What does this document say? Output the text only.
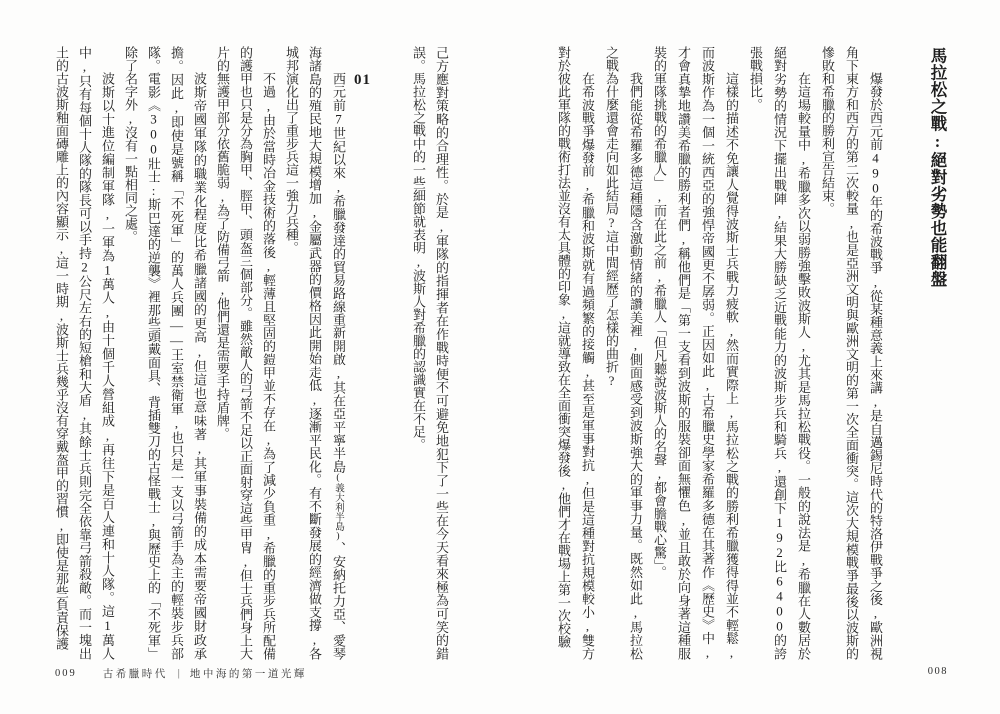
馬拉松之戰:絕對劣勢也能翻盤

爆發於西元前490年的希波戰爭,從某種意義上來講,是自邁錫尼時代的特洛伊戰爭之後,歐洲視角下東方和西方的第二次較量,也是亞洲文明與歐洲文明的第一次全面衝突。這次大規模戰爭最後以波斯的慘敗和希臘的勝利宣告結束。

在這場較量中,希臘多次以弱勝強擊敗波斯人,尤其是馬拉松戰役。一般的說法是,希臘在人數居於絕對劣勢的情況下擺出戰陣,結果大勝缺乏近戰能力的波斯步兵和騎兵,還創下192比6400的誇張戰損比。

這樣的描述不免讓人覺得波斯士兵戰力疲軟,然而實際上,馬拉松之戰的勝利希臘獲得得並不輕鬆,而波斯作為一個一統西亞的強悍帝國更不孱弱。正因如此,古希臘史學家希羅多德在其著作《歷史》中,才會真摯地讚美希臘的勝利者們,稱他們是「第一支看到波斯的服裝卻面無懼色,並且敢於向身著這種服裝的軍隊挑戰的希臘人」,而在此之前,希臘人「但凡聽說波斯人的名聲,都會膽戰心驚」。

我們能從希羅多德這種隱含激動情緒的讚美裡,側面感受到波斯強大的軍事力量。既然如此,馬拉松之戰為什麼還會走向如此結局?這中間經歷了怎樣的曲折?

在希波戰爭爆發前,希臘和波斯就有過頻繁的接觸,甚至是軍事對抗,但是這種對抗規模較小,雙方對於彼此軍隊的戰術打法並沒有太具體的印象,這就導致在全面衝突爆發後,他們才在戰場上第一次校驗

008

己方應對策略的合理性。於是,軍隊的指揮者在作戰時便不可避免地犯下了一些在今天看來極為可笑的錯誤。馬拉松之戰中的一些細節就表明,波斯人對希臘的認識實在不足。

西元前7世紀以來,希臘發達的貿易路線重新開啟,其在亞平寧半島(義大利半島)、安納托力亞、愛琴海諸島的殖民地大規模增加,金屬武器的價格因此開始走低,逐漸平民化。有不斷發展的經濟做支撐,各城邦演化出了重步兵這一強力兵種。

不過,由於當時冶金技術的落後,輕薄且堅固的鎧甲並不存在,為了減少負重,希臘的重步兵所配備的護甲也只是分為胸甲、脛甲、頭盔三個部分。雖然敵人的弓箭不足以正面射穿這些甲冑,但士兵們身上大片的無護甲部分依舊脆弱,為了防備弓箭,他們還是需要手持盾牌。

波斯帝國軍隊的職業化程度比希臘諸國的更高,但這也意味著,其軍事裝備的成本需要帝國財政承擔。因此,即使是號稱「不死軍」的萬人兵團——王室禁衛軍,也只是一支以弓箭手為主的輕裝步兵部隊。電影《300壯士:斯巴達的逆襲》裡那些頭戴面具、背插雙刀的古怪戰士,與歷史上的「不死軍」除了名字外,沒有一點相同之處。

波斯以十進位編制軍隊,一軍為1萬人,由十個千人營組成,再往下是百人連和十人隊。這1萬人中,只有每個十人隊的隊長可以手持2公尺左右的短槍和大盾,其餘士兵則完全依靠弓箭殺敵。而一塊出土的古波斯釉面磚雕上的內容顯示,這一時期,波斯士兵幾乎沒有穿戴盔甲的習慣,即使是那些負責保護	01
009 古希臘時代 | 地中海的第一道光輝
